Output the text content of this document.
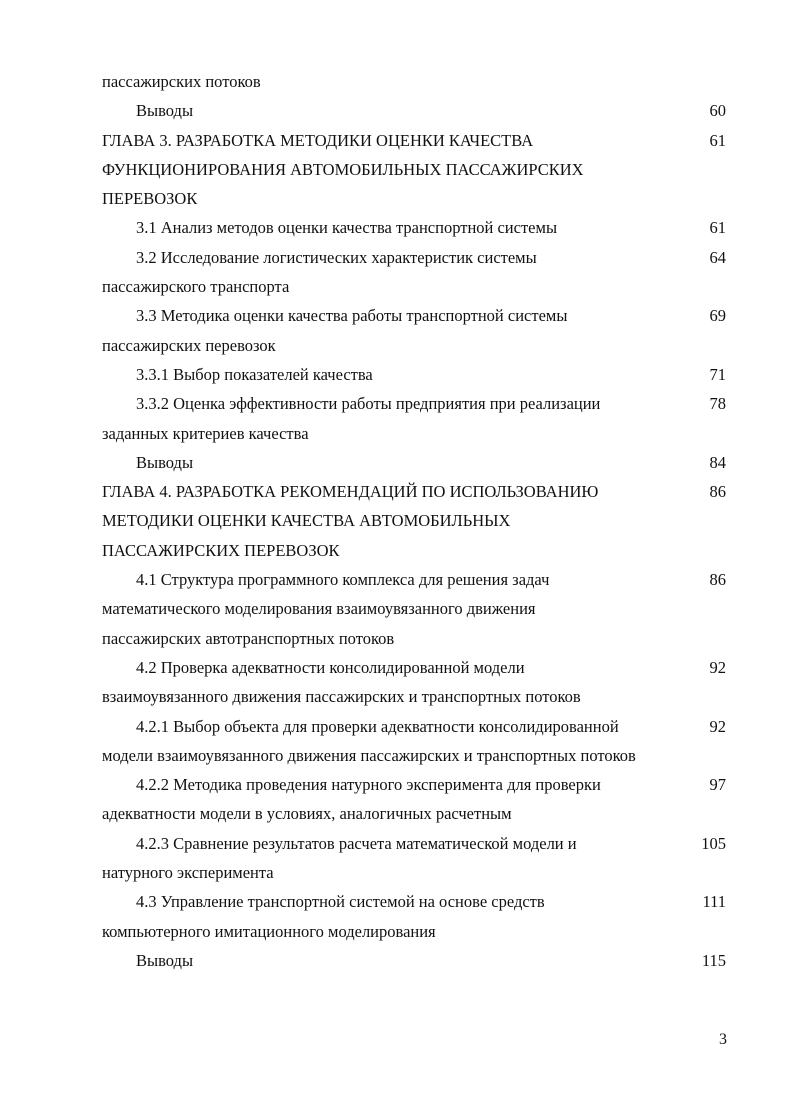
пассажирских потоков
Выводы	60
ГЛАВА 3. РАЗРАБОТКА МЕТОДИКИ ОЦЕНКИ КАЧЕСТВА	61
ФУНКЦИОНИРОВАНИЯ АВТОМОБИЛЬНЫХ ПАССАЖИРСКИХ
ПЕРЕВОЗОК
3.1 Анализ методов оценки качества транспортной системы	61
3.2 Исследование логистических характеристик системы	64
пассажирского транспорта
3.3 Методика оценки качества работы транспортной системы	69
пассажирских перевозок
3.3.1 Выбор показателей качества	71
3.3.2 Оценка эффективности работы предприятия при реализации	78
заданных критериев качества
Выводы	84
ГЛАВА 4. РАЗРАБОТКА РЕКОМЕНДАЦИЙ ПО ИСПОЛЬЗОВАНИЮ	86
МЕТОДИКИ ОЦЕНКИ КАЧЕСТВА АВТОМОБИЛЬНЫХ
ПАССАЖИРСКИХ ПЕРЕВОЗОК
4.1 Структура программного комплекса для решения задач	86
математического моделирования взаимоувязанного движения
пассажирских автотранспортных потоков
4.2 Проверка адекватности консолидированной модели	92
взаимоувязанного движения пассажирских и транспортных потоков
4.2.1 Выбор объекта для проверки адекватности консолидированной	92
модели взаимоувязанного движения пассажирских и транспортных потоков
4.2.2 Методика проведения натурного эксперимента для проверки	97
адекватности модели в условиях, аналогичных расчетным
4.2.3 Сравнение результатов расчета математической модели и	105
натурного эксперимента
4.3 Управление транспортной системой на основе средств	111
компьютерного имитационного моделирования
Выводы	115
3
